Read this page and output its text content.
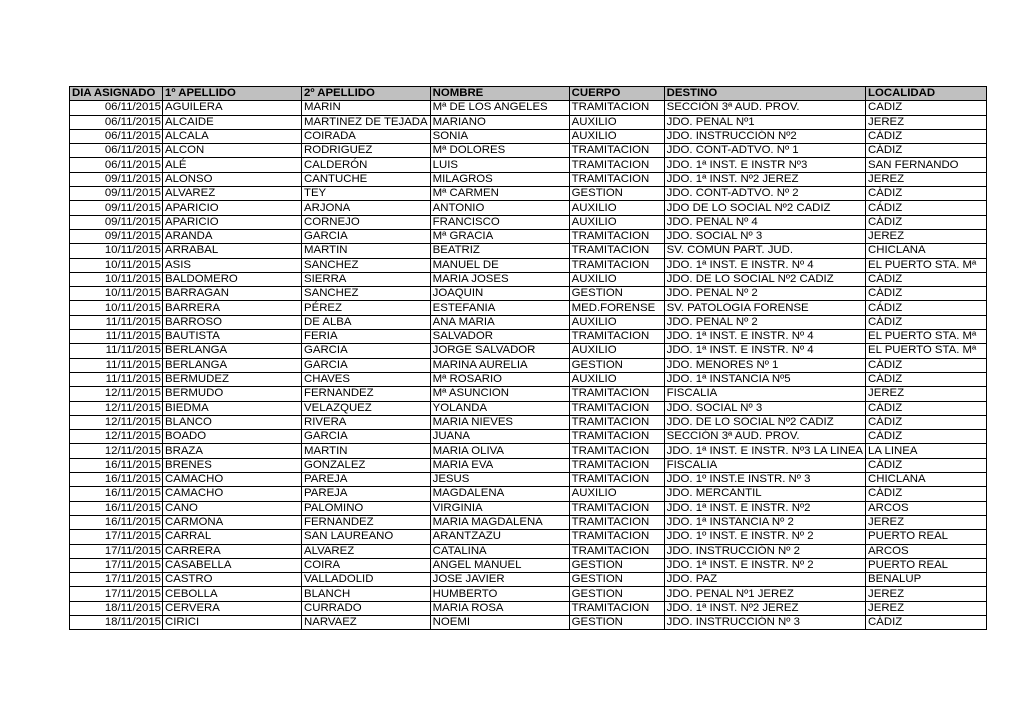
DIA ASIGNADO	1º APELLIDO	2º APELLIDO	NOMBRE	CUERPO	DESTINO	LOCALIDAD
06/11/2015	AGUILERA	MARIN	Mª DE LOS ANGELES	TRAMITACION	SECCIÓN 3ª AUD. PROV.	CADIZ
06/11/2015	ALCAIDE	MARTINEZ DE TEJADA	MARIANO	AUXILIO	JDO. PENAL Nº1	JEREZ
06/11/2015	ALCALA	COIRADA	SONIA	AUXILIO	JDO. INSTRUCCIÓN Nº2	CÁDIZ
06/11/2015	ALCON	RODRIGUEZ	Mª DOLORES	TRAMITACION	JDO. CONT-ADTVO. Nº 1	CÁDIZ
06/11/2015	ALÉ	CALDERÓN	LUIS	TRAMITACION	JDO. 1ª INST. E INSTR Nº3	SAN FERNANDO
09/11/2015	ALONSO	CANTUCHE	MILAGROS	TRAMITACION	JDO. 1ª INST. Nº2 JEREZ	JEREZ
09/11/2015	ALVAREZ	TEY	Mª CARMEN	GESTION	JDO. CONT-ADTVO. Nº 2	CÁDIZ
09/11/2015	APARICIO	ARJONA	ANTONIO	AUXILIO	JDO DE LO SOCIAL Nº2 CADIZ	CÁDIZ
09/11/2015	APARICIO	CORNEJO	FRANCISCO	AUXILIO	JDO. PENAL Nº 4	CÁDIZ
09/11/2015	ARANDA	GARCIA	Mª GRACIA	TRAMITACION	JDO. SOCIAL Nº 3	JEREZ
10/11/2015	ARRABAL	MARTIN	BEATRIZ	TRAMITACION	SV. COMÚN PART. JUD.	CHICLANA
10/11/2015	ASIS	SANCHEZ	MANUEL DE	TRAMITACION	JDO. 1ª INST. E INSTR. Nº 4	EL PUERTO STA. Mª
10/11/2015	BALDOMERO	SIERRA	MARIA JOSES	AUXILIO	JDO. DE LO SOCIAL Nº2 CADIZ	CÁDIZ
10/11/2015	BARRAGAN	SANCHEZ	JOAQUIN	GESTION	JDO. PENAL Nº 2	CÁDIZ
10/11/2015	BARRERA	PÉREZ	ESTEFANIA	MED.FORENSE	SV. PATOLOGIA FORENSE	CÁDIZ
11/11/2015	BARROSO	DE ALBA	ANA MARIA	AUXILIO	JDO. PENAL Nº 2	CÁDIZ
11/11/2015	BAUTISTA	FERIA	SALVADOR	TRAMITACION	JDO. 1ª INST. E INSTR. Nº 4	EL PUERTO STA. Mª
11/11/2015	BERLANGA	GARCIA	JORGE SALVADOR	AUXILIO	JDO. 1ª INST. E INSTR. Nº 4	EL PUERTO STA. Mª
11/11/2015	BERLANGA	GARCIA	MARINA AURELIA	GESTION	JDO. MENORES Nº 1	CÁDIZ
11/11/2015	BERMUDEZ	CHAVES	Mª ROSARIO	AUXILIO	JDO. 1ª INSTANCIA Nº5	CÁDIZ
12/11/2015	BERMUDO	FERNANDEZ	Mª ASUNCION	TRAMITACION	FISCALIA	JEREZ
12/11/2015	BIEDMA	VELAZQUEZ	YOLANDA	TRAMITACION	JDO. SOCIAL Nº 3	CÁDIZ
12/11/2015	BLANCO	RIVERA	MARIA NIEVES	TRAMITACION	JDO. DE LO SOCIAL Nº2 CADIZ	CÁDIZ
12/11/2015	BOADO	GARCIA	JUANA	TRAMITACION	SECCIÓN 3ª AUD. PROV.	CÁDIZ
12/11/2015	BRAZA	MARTIN	MARIA OLIVA	TRAMITACION	JDO. 1ª INST. E INSTR. Nº3 LA LINEA	LA LINEA
16/11/2015	BRENES	GONZALEZ	MARIA EVA	TRAMITACION	FISCALIA	CÁDIZ
16/11/2015	CAMACHO	PAREJA	JESUS	TRAMITACION	JDO. 1º INST.E INSTR. Nº 3	CHICLANA
16/11/2015	CAMACHO	PAREJA	MAGDALENA	AUXILIO	JDO. MERCANTIL	CÁDIZ
16/11/2015	CANO	PALOMINO	VIRGINIA	TRAMITACION	JDO. 1ª INST. E INSTR. Nº2	ARCOS
16/11/2015	CARMONA	FERNANDEZ	MARIA MAGDALENA	TRAMITACION	JDO. 1ª INSTANCIA Nº 2	JEREZ
17/11/2015	CARRAL	SAN LAUREANO	ARANTZAZU	TRAMITACION	JDO. 1º INST. E INSTR. Nº 2	PUERTO REAL
17/11/2015	CARRERA	ALVAREZ	CATALINA	TRAMITACION	JDO. INSTRUCCIÓN Nº 2	ARCOS
17/11/2015	CASABELLA	COIRA	ANGEL MANUEL	GESTION	JDO. 1ª INST. E INSTR. Nº 2	PUERTO REAL
17/11/2015	CASTRO	VALLADOLID	JOSE JAVIER	GESTION	JDO. PAZ	BENALUP
17/11/2015	CEBOLLA	BLANCH	HUMBERTO	GESTION	JDO. PENAL Nº1 JEREZ	JEREZ
18/11/2015	CERVERA	CURRADO	MARIA ROSA	TRAMITACION	JDO. 1ª INST. Nº2 JEREZ	JEREZ
18/11/2015	CIRICI	NARVAEZ	NOEMI	GESTION	JDO. INSTRUCCIÓN Nº 3	CÁDIZ
